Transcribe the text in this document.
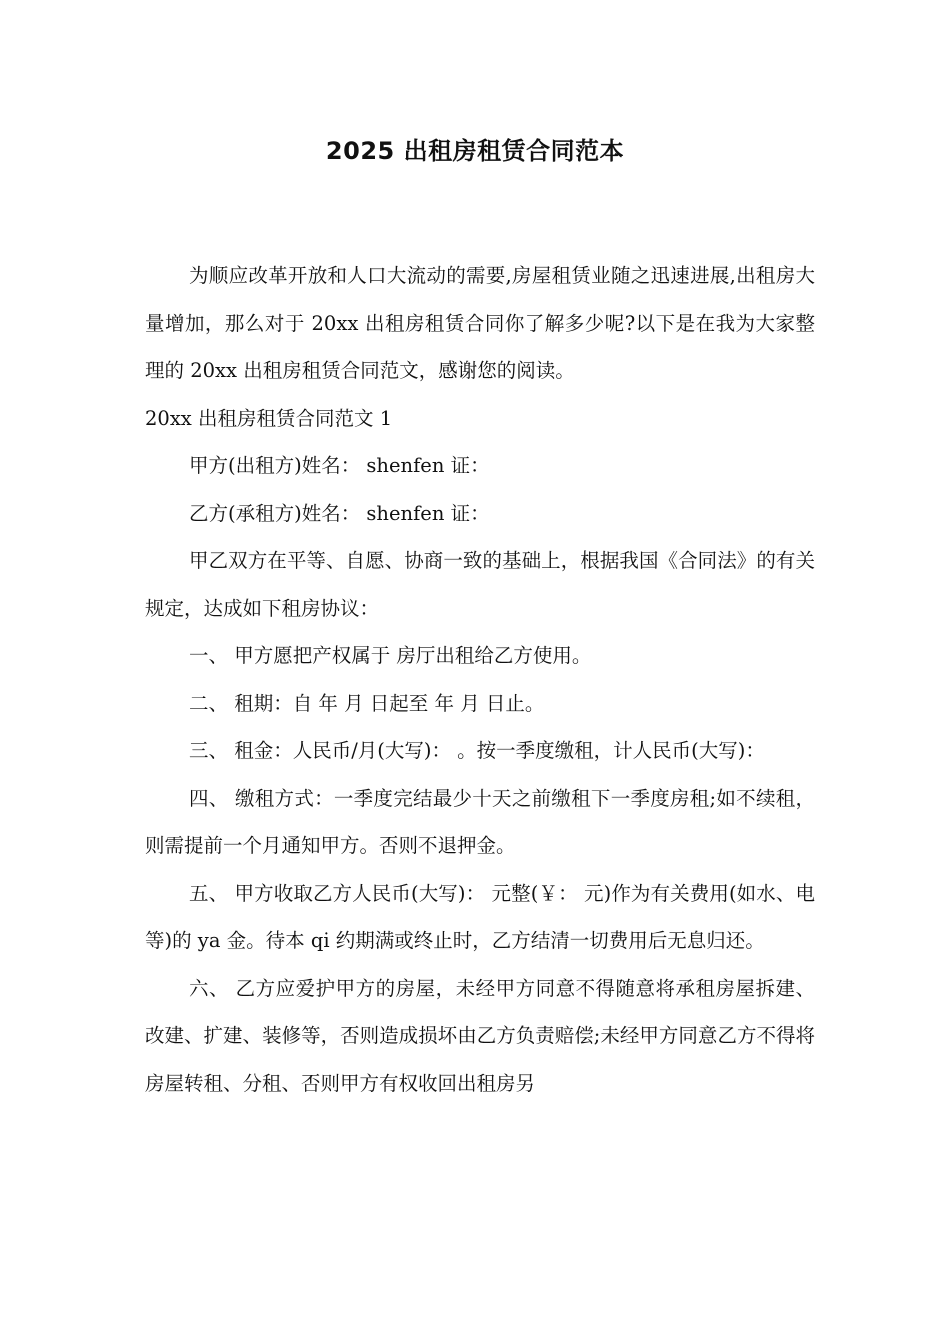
2025 出租房租赁合同范本

为顺应改革开放和人口大流动的需要,房屋租赁业随之迅速进展,出租房大量增加，那么对于 20xx 出租房租赁合同你了解多少呢?以下是在我为大家整理的 20xx 出租房租赁合同范文，感谢您的阅读。

20xx 出租房租赁合同范文 1

甲方(出租方)姓名： shenfen 证：

乙方(承租方)姓名： shenfen 证：

甲乙双方在平等、自愿、协商一致的基础上，根据我国《合同法》的有关规定，达成如下租房协议：

一、 甲方愿把产权属于 房厅出租给乙方使用。

二、 租期：自 年 月 日起至 年 月 日止。

三、 租金：人民币/月(大写)： 。按一季度缴租，计人民币(大写)：

四、 缴租方式：一季度完结最少十天之前缴租下一季度房租;如不续租，则需提前一个月通知甲方。否则不退押金。

五、 甲方收取乙方人民币(大写)： 元整(￥： 元)作为有关费用(如水、电等)的 ya 金。待本 qi 约期满或终止时，乙方结清一切费用后无息归还。

六、 乙方应爱护甲方的房屋，未经甲方同意不得随意将承租房屋拆建、改建、扩建、装修等，否则造成损坏由乙方负责赔偿;未经甲方同意乙方不得将房屋转租、分租、否则甲方有权收回出租房另
